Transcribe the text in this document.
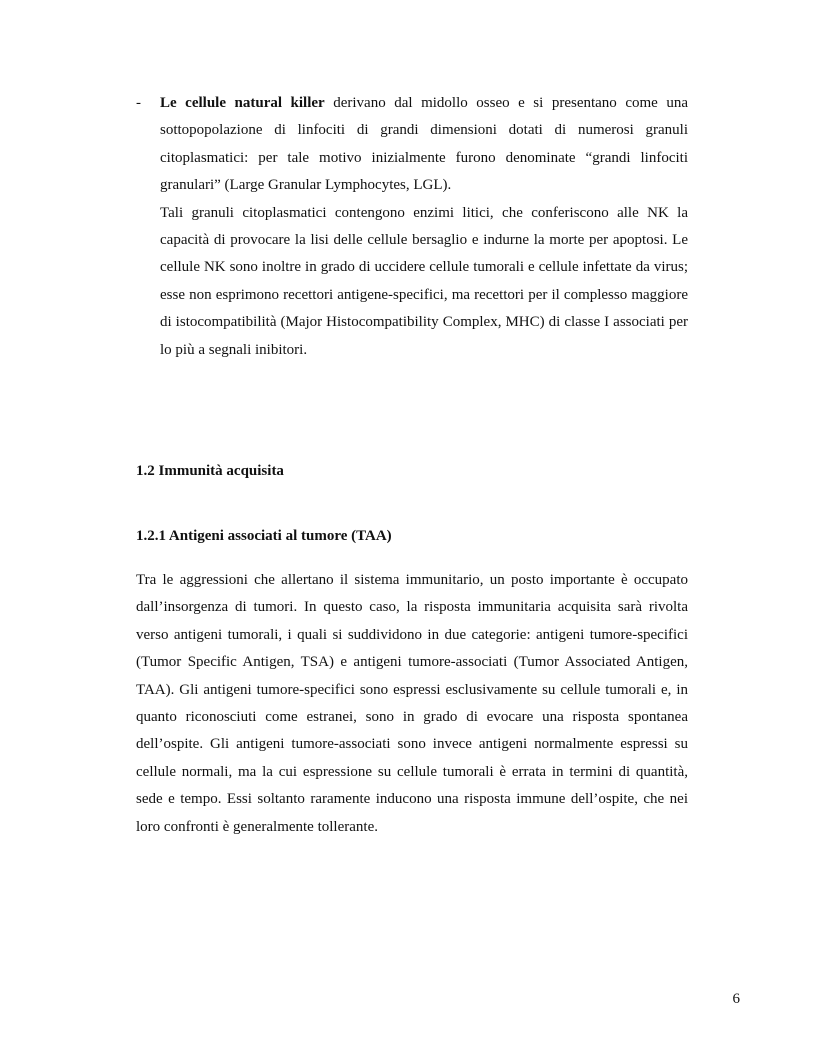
- Le cellule natural killer derivano dal midollo osseo e si presentano come una sottopopolazione di linfociti di grandi dimensioni dotati di numerosi granuli citoplasmatici: per tale motivo inizialmente furono denominate “grandi linfociti granulari” (Large Granular Lymphocytes, LGL).

Tali granuli citoplasmatici contengono enzimi litici, che conferiscono alle NK la capacità di provocare la lisi delle cellule bersaglio e indurne la morte per apoptosi. Le cellule NK sono inoltre in grado di uccidere cellule tumorali e cellule infettate da virus; esse non esprimono recettori antigene-specifici, ma recettori per il complesso maggiore di istocompatibilità (Major Histocompatibility Complex, MHC) di classe I associati per lo più a segnali inibitori.

1.2 Immunità acquisita
1.2.1 Antigeni associati al tumore (TAA)

Tra le aggressioni che allertano il sistema immunitario, un posto importante è occupato dall’insorgenza di tumori. In questo caso, la risposta immunitaria acquisita sarà rivolta verso antigeni tumorali, i quali si suddividono in due categorie: antigeni tumore-specifici (Tumor Specific Antigen, TSA) e antigeni tumore-associati (Tumor Associated Antigen, TAA). Gli antigeni tumore-specifici sono espressi esclusivamente su cellule tumorali e, in quanto riconosciuti come estranei, sono in grado di evocare una risposta spontanea dell’ospite. Gli antigeni tumore-associati sono invece antigeni normalmente espressi su cellule normali, ma la cui espressione su cellule tumorali è errata in termini di quantità, sede e tempo. Essi soltanto raramente inducono una risposta immune dell’ospite, che nei loro confronti è generalmente tollerante.

6
